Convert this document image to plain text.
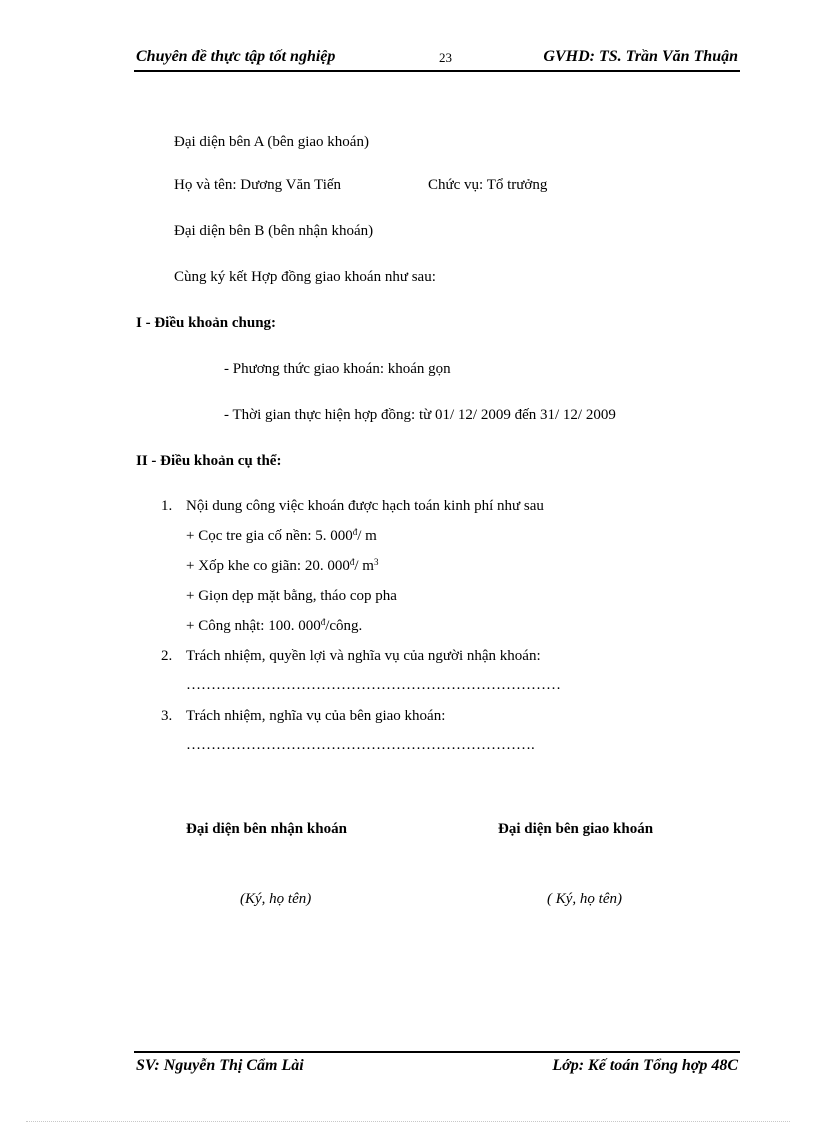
Chuyên đề thực tập tốt nghiệp	23	GVHD: TS. Trần Văn Thuận
Đại diện bên A (bên giao khoán)
Họ và tên: Dương Văn Tiến	Chức vụ: Tổ trưởng
Đại diện bên B (bên nhận khoán)
Cùng ký kết Hợp đồng giao khoán như sau:
I - Điều khoản chung:
- Phương thức giao khoán: khoán gọn
- Thời gian thực hiện hợp đồng: từ 01/ 12/ 2009 đến 31/ 12/ 2009
II - Điều khoản cụ thể:
1. Nội dung công việc khoán được hạch toán kinh phí như sau
+ Cọc tre gia cố nền: 5. $000^đ/$ m
+ Xốp khe co giãn: 20. $000^đ/$ $m^3$
+ Giọn dẹp mặt bằng, tháo cop pha
+ Công nhật: 100. $000^đ$/công.
2. Trách nhiệm, quyền lợi và nghĩa vụ của người nhận khoán:
…………………………………………………………………
3. Trách nhiệm, nghĩa vụ của bên giao khoán:
…………………………………………………………….
Đại diện bên nhận khoán	Đại diện bên giao khoán
(Ký, họ tên)	( Ký, họ tên)
SV: Nguyễn Thị Cẩm Lài	Lớp: Kế toán Tổng hợp 48C
